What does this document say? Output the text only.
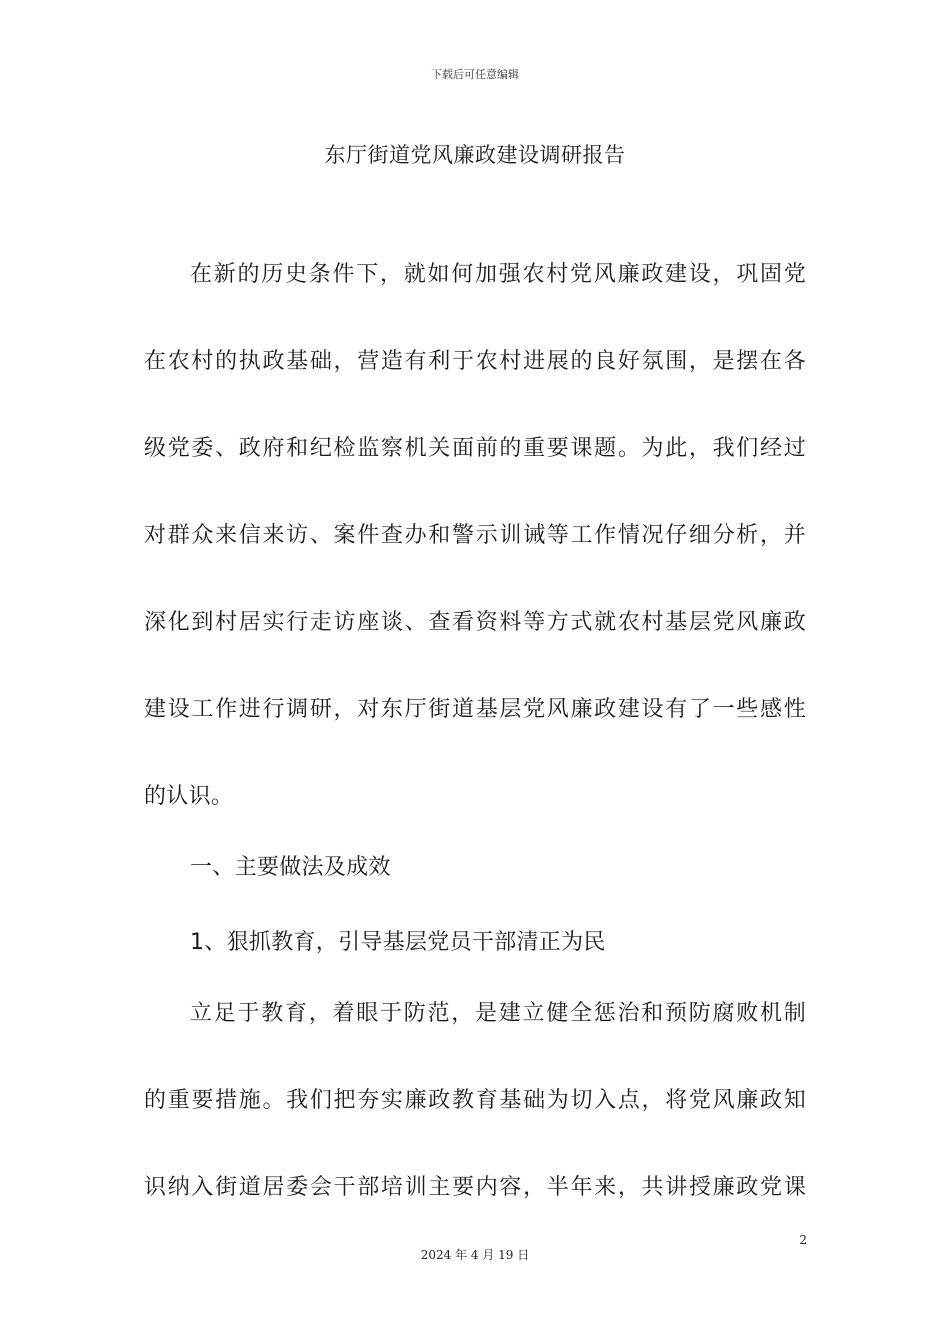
下载后可任意编辑
东厅街道党风廉政建设调研报告
在新的历史条件下，就如何加强农村党风廉政建设，巩固党
在农村的执政基础，营造有利于农村进展的良好氛围，是摆在各
级党委、政府和纪检监察机关面前的重要课题。为此，我们经过
对群众来信来访、案件查办和警示训诫等工作情况仔细分析，并
深化到村居实行走访座谈、查看资料等方式就农村基层党风廉政
建设工作进行调研，对东厅街道基层党风廉政建设有了一些感性
的认识。
一、主要做法及成效
1、狠抓教育，引导基层党员干部清正为民
立足于教育，着眼于防范，是建立健全惩治和预防腐败机制
的重要措施。我们把夯实廉政教育基础为切入点，将党风廉政知
识纳入街道居委会干部培训主要内容，半年来，共讲授廉政党课
2
2024 年 4 月 19 日
